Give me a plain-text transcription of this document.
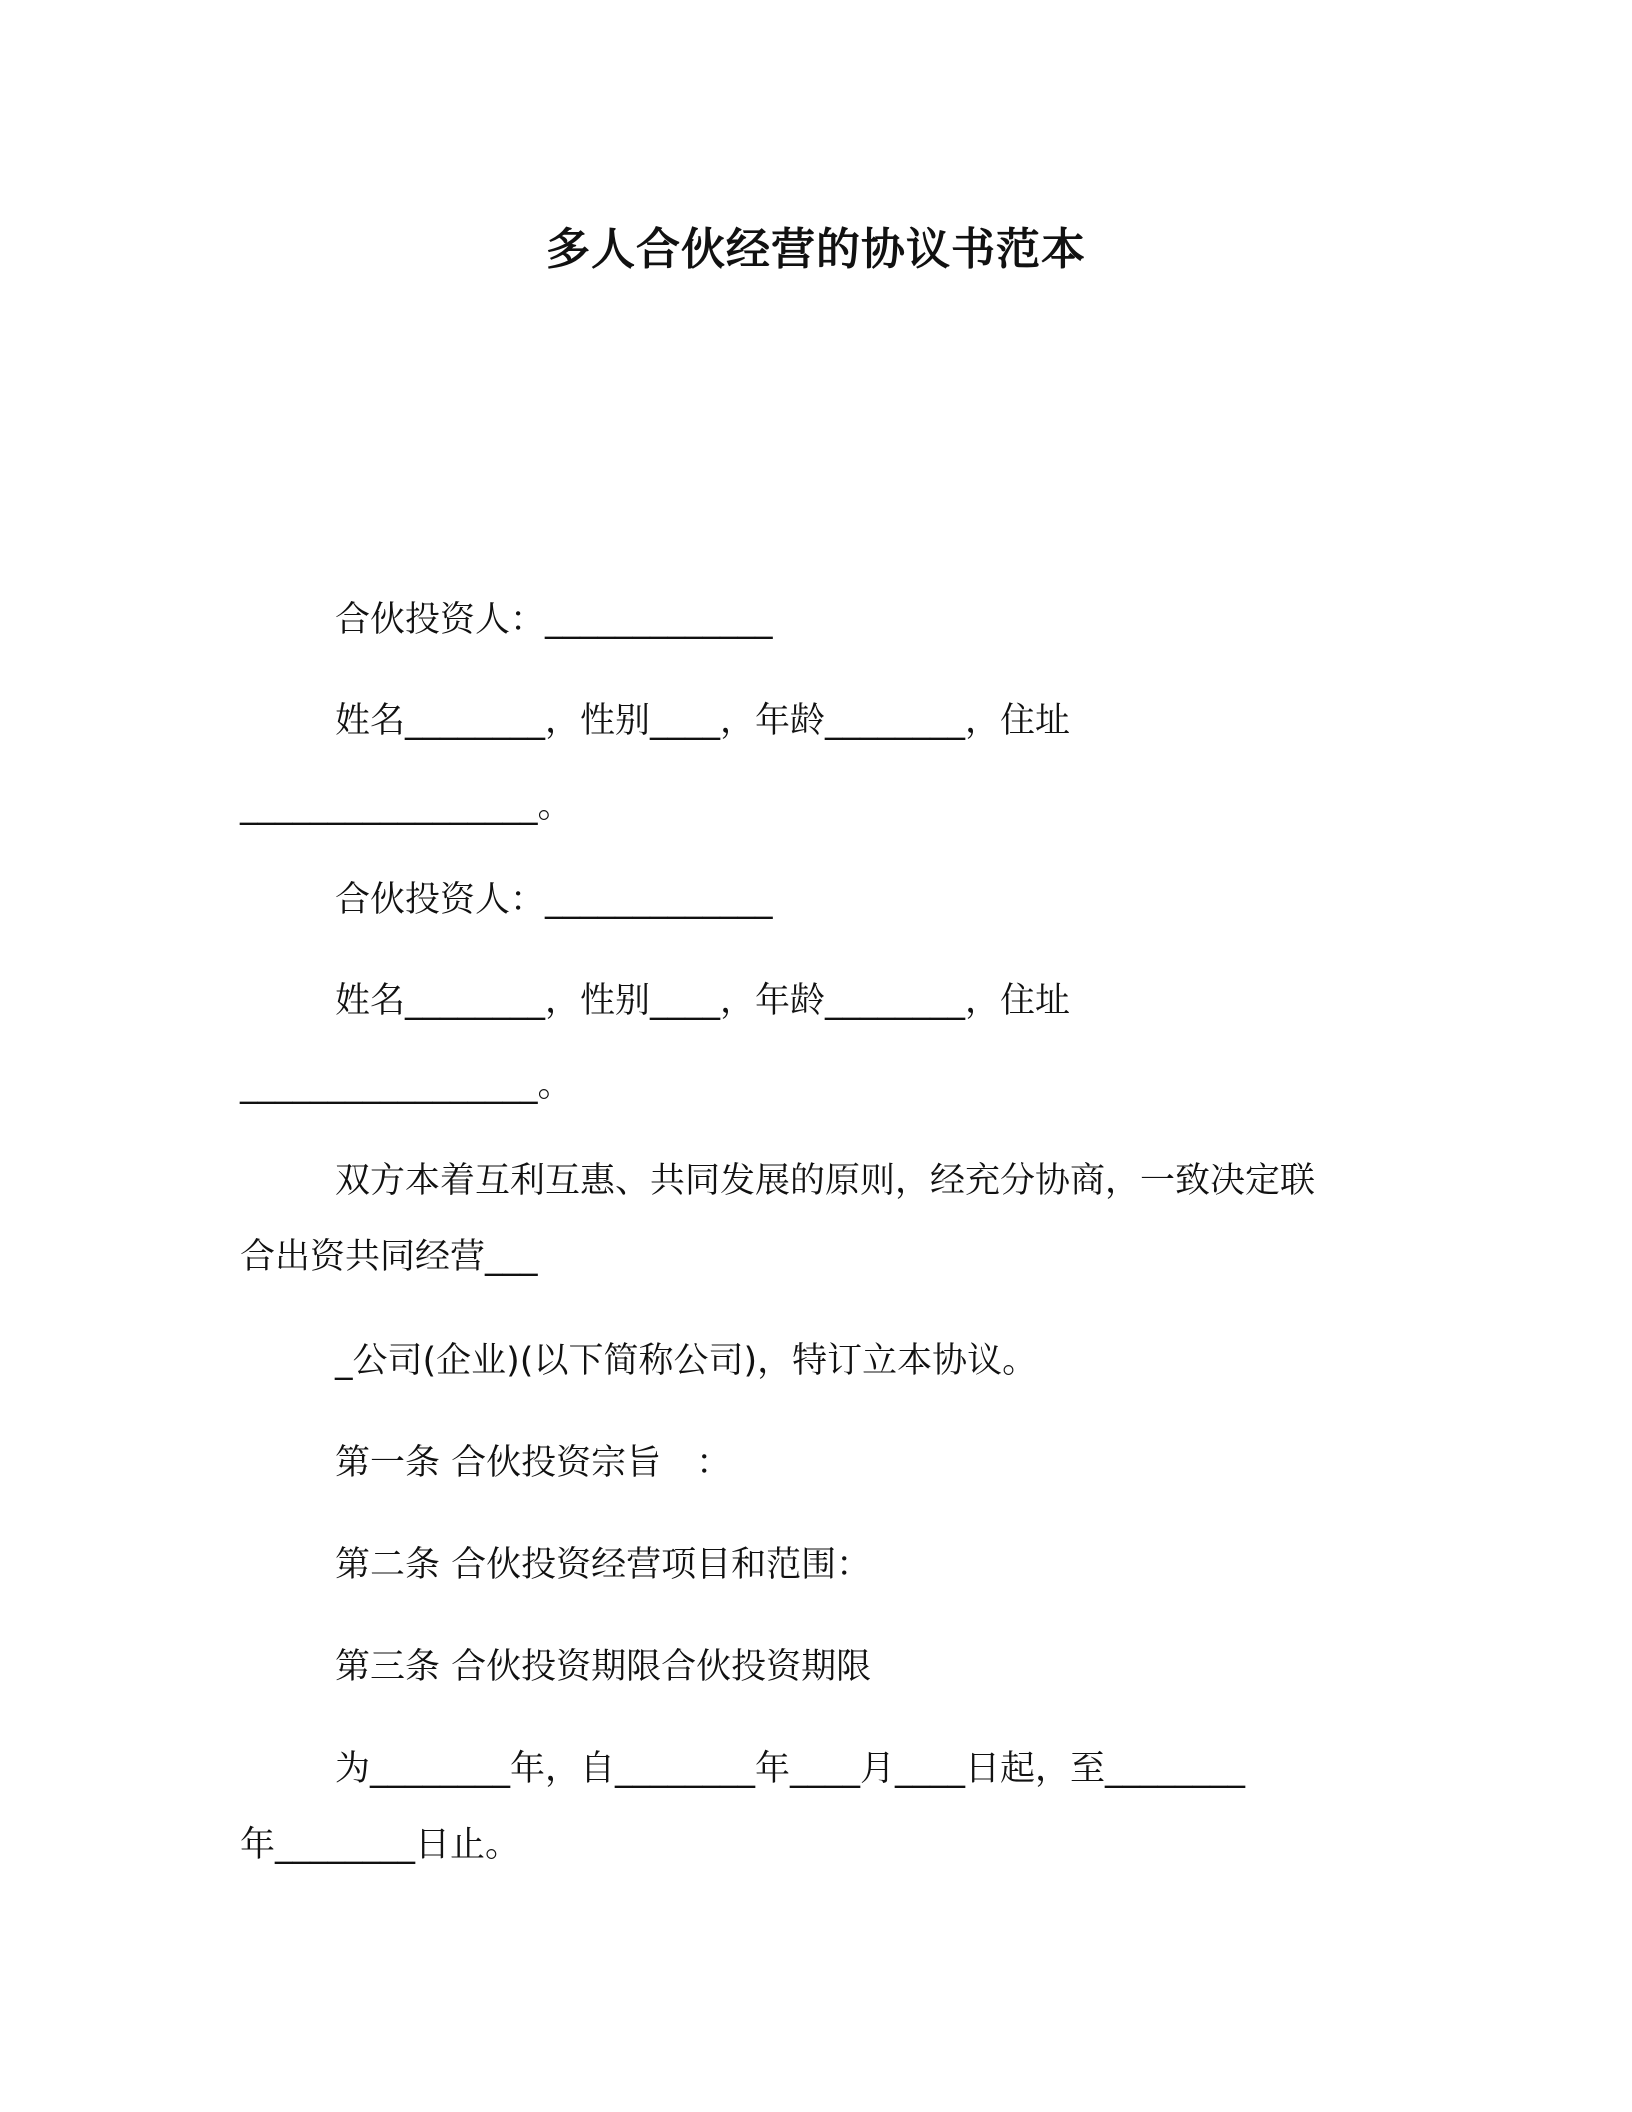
多人合伙经营的协议书范本
合伙投资人：_____________
姓名________，性别____，年龄________，住址
_________________。
合伙投资人：_____________
姓名________，性别____，年龄________，住址
_________________。
双方本着互利互惠、共同发展的原则，经充分协商，一致决定联
合出资共同经营___
_公司(企业)(以下简称公司)，特订立本协议。
第一条 合伙投资宗旨　：
第二条 合伙投资经营项目和范围：
第三条 合伙投资期限合伙投资期限
为________年，自________年____月____日起，至________
年________日止。
